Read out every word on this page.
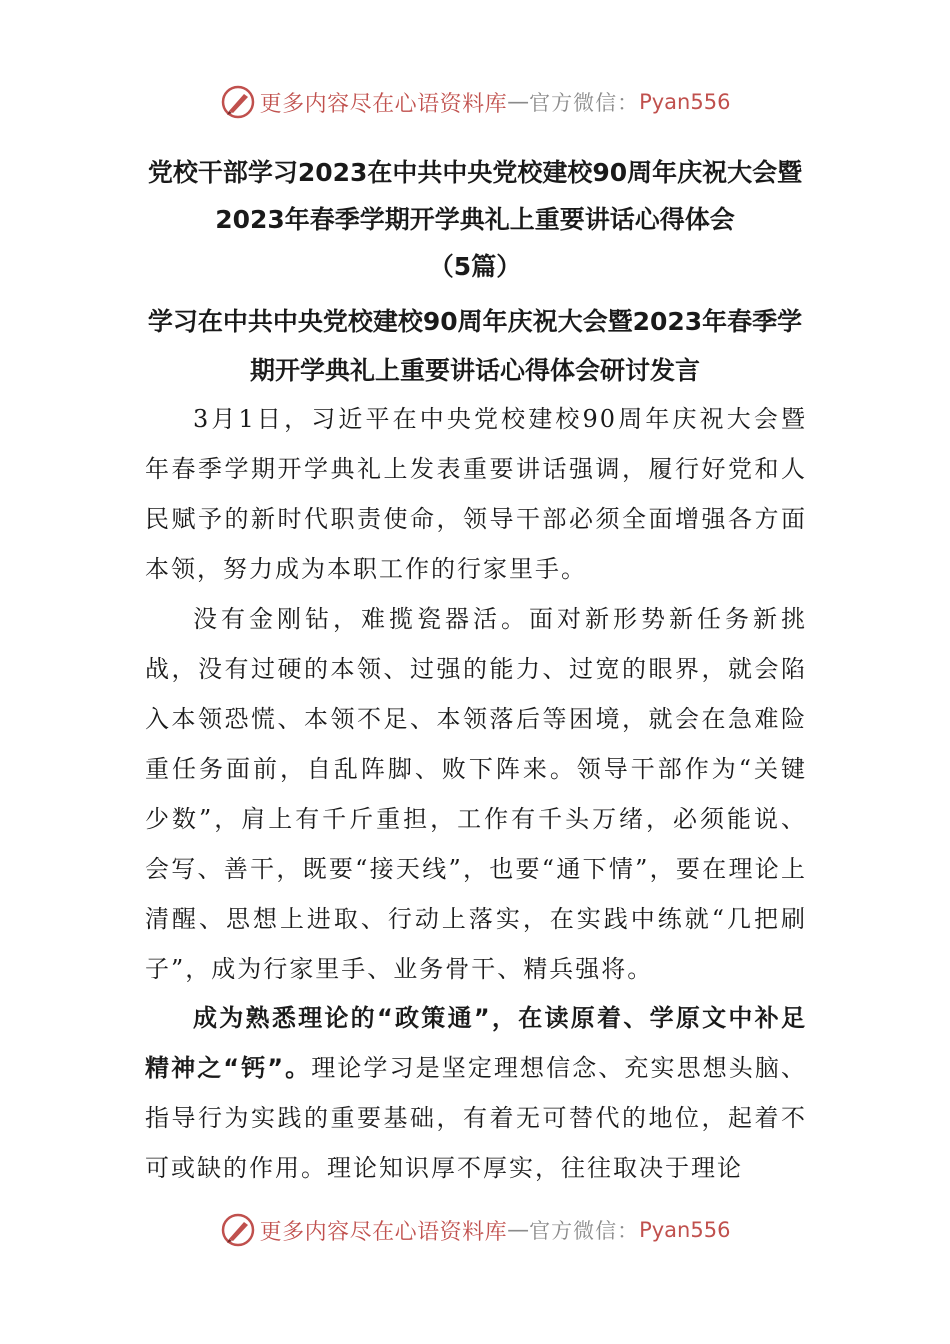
更多内容尽在心语资料库 — 官方微信： Pyan556
党校干部学习2023在中共中央党校建校90周年庆祝大会暨
2023年春季学期开学典礼上重要讲话心得体会
（5篇）
学习在中共中央党校建校90周年庆祝大会暨2023年春季学
期开学典礼上重要讲话心得体会研讨发言
3月1日，习近平在中央党校建校90周年庆祝大会暨年春季学期开学典礼上发表重要讲话强调，履行好党和人民赋予的新时代职责使命，领导干部必须全面增强各方面本领，努力成为本职工作的行家里手。
没有金刚钻，难揽瓷器活。面对新形势新任务新挑战，没有过硬的本领、过强的能力、过宽的眼界，就会陷入本领恐慌、本领不足、本领落后等困境，就会在急难险重任务面前，自乱阵脚、败下阵来。领导干部作为“关键少数”，肩上有千斤重担，工作有千头万绪，必须能说、会写、善干，既要“接天线”，也要“通下情”，要在理论上清醒、思想上进取、行动上落实，在实践中练就“几把刷子”，成为行家里手、业务骨干、精兵强将。
成为熟悉理论的“政策通”，在读原着、学原文中补足精神之“钙”。理论学习是坚定理想信念、充实思想头脑、指导行为实践的重要基础，有着无可替代的地位，起着不可或缺的作用。理论知识厚不厚实，往往取决于理论
更多内容尽在心语资料库 — 官方微信： Pyan556
